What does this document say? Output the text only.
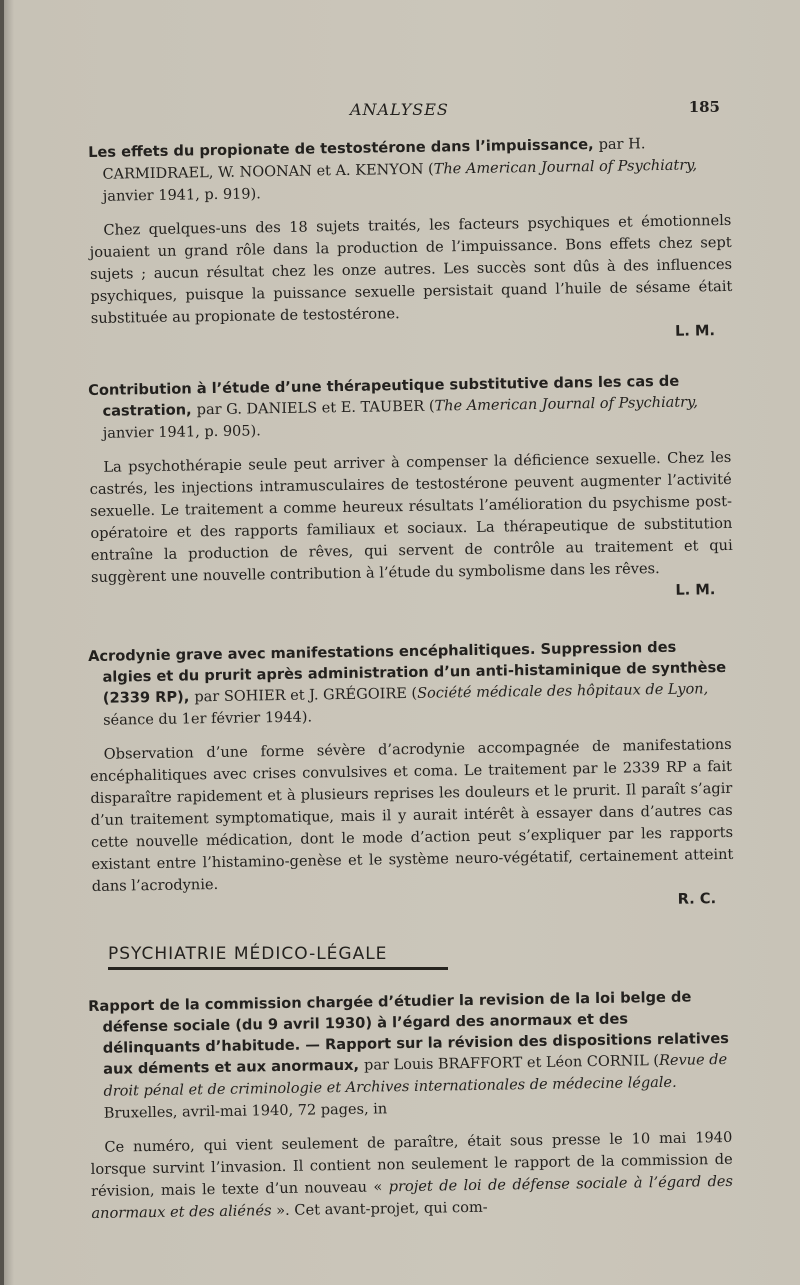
ANALYSES	185

Les effets du propionate de testostérone dans l’impuissance, par H. CARMIDRAEL, W. NOONAN et A. KENYON (The American Journal of Psychiatry, janvier 1941, p. 919).

Chez quelques-uns des 18 sujets traités, les facteurs psychiques et émotionnels jouaient un grand rôle dans la production de l’impuissance. Bons effets chez sept sujets ; aucun résultat chez les onze autres. Les succès sont dûs à des influences psychiques, puisque la puissance sexuelle persistait quand l’huile de sésame était substituée au propionate de testostérone.

L. M.

Contribution à l’étude d’une thérapeutique substitutive dans les cas de castration, par G. DANIELS et E. TAUBER (The American Journal of Psychiatry, janvier 1941, p. 905).

La psychothérapie seule peut arriver à compenser la déficience sexuelle. Chez les castrés, les injections intramusculaires de testostérone peuvent augmenter l’activité sexuelle. Le traitement a comme heureux résultats l’amélioration du psychisme post-opératoire et des rapports familiaux et sociaux. La thérapeutique de substitution entraîne la production de rêves, qui servent de contrôle au traitement et qui suggèrent une nouvelle contribution à l’étude du symbolisme dans les rêves.

L. M.

Acrodynie grave avec manifestations encéphalitiques. Suppression des algies et du prurit après administration d’un anti-histaminique de synthèse (2339 RP), par SOHIER et J. GRÉGOIRE (Société médicale des hôpitaux de Lyon, séance du 1er février 1944).

Observation d’une forme sévère d’acrodynie accompagnée de manifestations encéphalitiques avec crises convulsives et coma. Le traitement par le 2339 RP a fait disparaître rapidement et à plusieurs reprises les douleurs et le prurit. Il paraît s’agir d’un traitement symptomatique, mais il y aurait intérêt à essayer dans d’autres cas cette nouvelle médication, dont le mode d’action peut s’expliquer par les rapports existant entre l’histamino-genèse et le système neuro-végétatif, certainement atteint dans l’acrodynie.

R. C.
PSYCHIATRIE MÉDICO-LÉGALE

Rapport de la commission chargée d’étudier la revision de la loi belge de défense sociale (du 9 avril 1930) à l’égard des anormaux et des délinquants d’habitude. — Rapport sur la révision des dispositions relatives aux déments et aux anormaux, par Louis BRAFFORT et Léon CORNIL (Revue de droit pénal et de criminologie et Archives internationales de médecine légale. Bruxelles, avril-mai 1940, 72 pages, in

Ce numéro, qui vient seulement de paraître, était sous presse le 10 mai 1940 lorsque survint l’invasion. Il contient non seulement le rapport de la commission de révision, mais le texte d’un nouveau « projet de loi de défense sociale à l’égard des anormaux et des aliénés ». Cet avant-projet, qui com-
